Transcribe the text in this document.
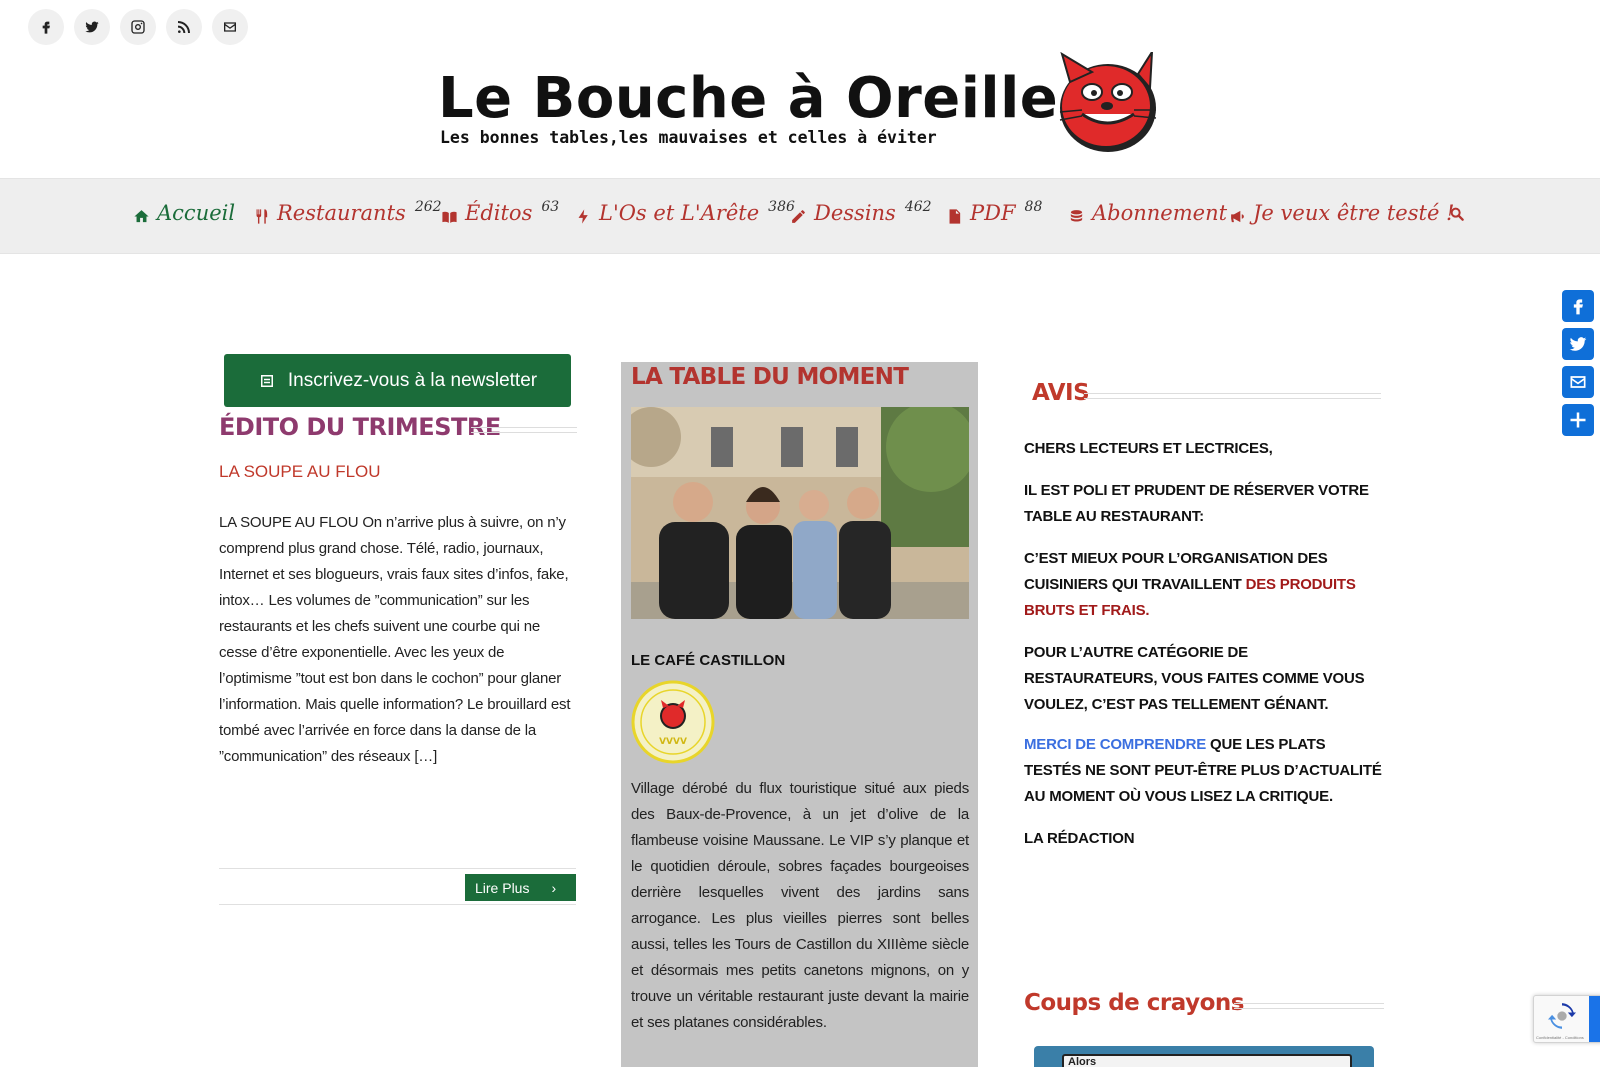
Le Bouche à Oreille
Les bonnes tables,les mauvaises et celles à éviter
Accueil Restaurants 262 Éditos 63 L'Os et L'Arête 386 Dessins 462 PDF 88 Abonnement Je veux être testé !
Inscrivez-vous à la newsletter
ÉDITO DU TRIMESTRE
LA SOUPE AU FLOU
LA SOUPE AU FLOU On n’arrive plus à suivre, on n’y comprend plus grand chose. Télé, radio, journaux, Internet et ses blogueurs, vrais faux sites d’infos, fake, intox… Les volumes de ”communication” sur les restaurants et les chefs suivent une courbe qui ne cesse d’être exponentielle. Avec les yeux de l’optimisme ”tout est bon dans le cochon” pour glaner l’information. Mais quelle information? Le brouillard est tombé avec l’arrivée en force dans la danse de la ”communication” des réseaux […]
Lire Plus ›
LA TABLE DU MOMENT
LE CAFÉ CASTILLON
VVVV
Village dérobé du flux touristique situé aux pieds des Baux-de-Provence, à un jet d’olive de la flambeuse voisine Maussane. Le VIP s’y planque et le quotidien déroule, sobres façades bourgeoises derrière lesquelles vivent des jardins sans arrogance. Les plus vieilles pierres sont belles aussi, telles les Tours de Castillon du XIIIème siècle et désormais mes petits canetons mignons, on y trouve un véritable restaurant juste devant la mairie et ses platanes considérables.
AVIS
CHERS LECTEURS ET LECTRICES,
IL EST POLI ET PRUDENT DE RÉSERVER VOTRE TABLE AU RESTAURANT:
C’EST MIEUX POUR L’ORGANISATION DES CUISINIERS QUI TRAVAILLENT DES PRODUITS BRUTS ET FRAIS.
POUR L’AUTRE CATÉGORIE DE RESTAURATEURS, VOUS FAITES COMME VOUS VOULEZ, C’EST PAS TELLEMENT GÉNANT.
MERCI DE COMPRENDRE QUE LES PLATS TESTÉS NE SONT PEUT-ÊTRE PLUS D’ACTUALITÉ AU MOMENT OÙ VOUS LISEZ LA CRITIQUE.
LA RÉDACTION
Coups de crayons
Alors
Confidentialité - Conditions
